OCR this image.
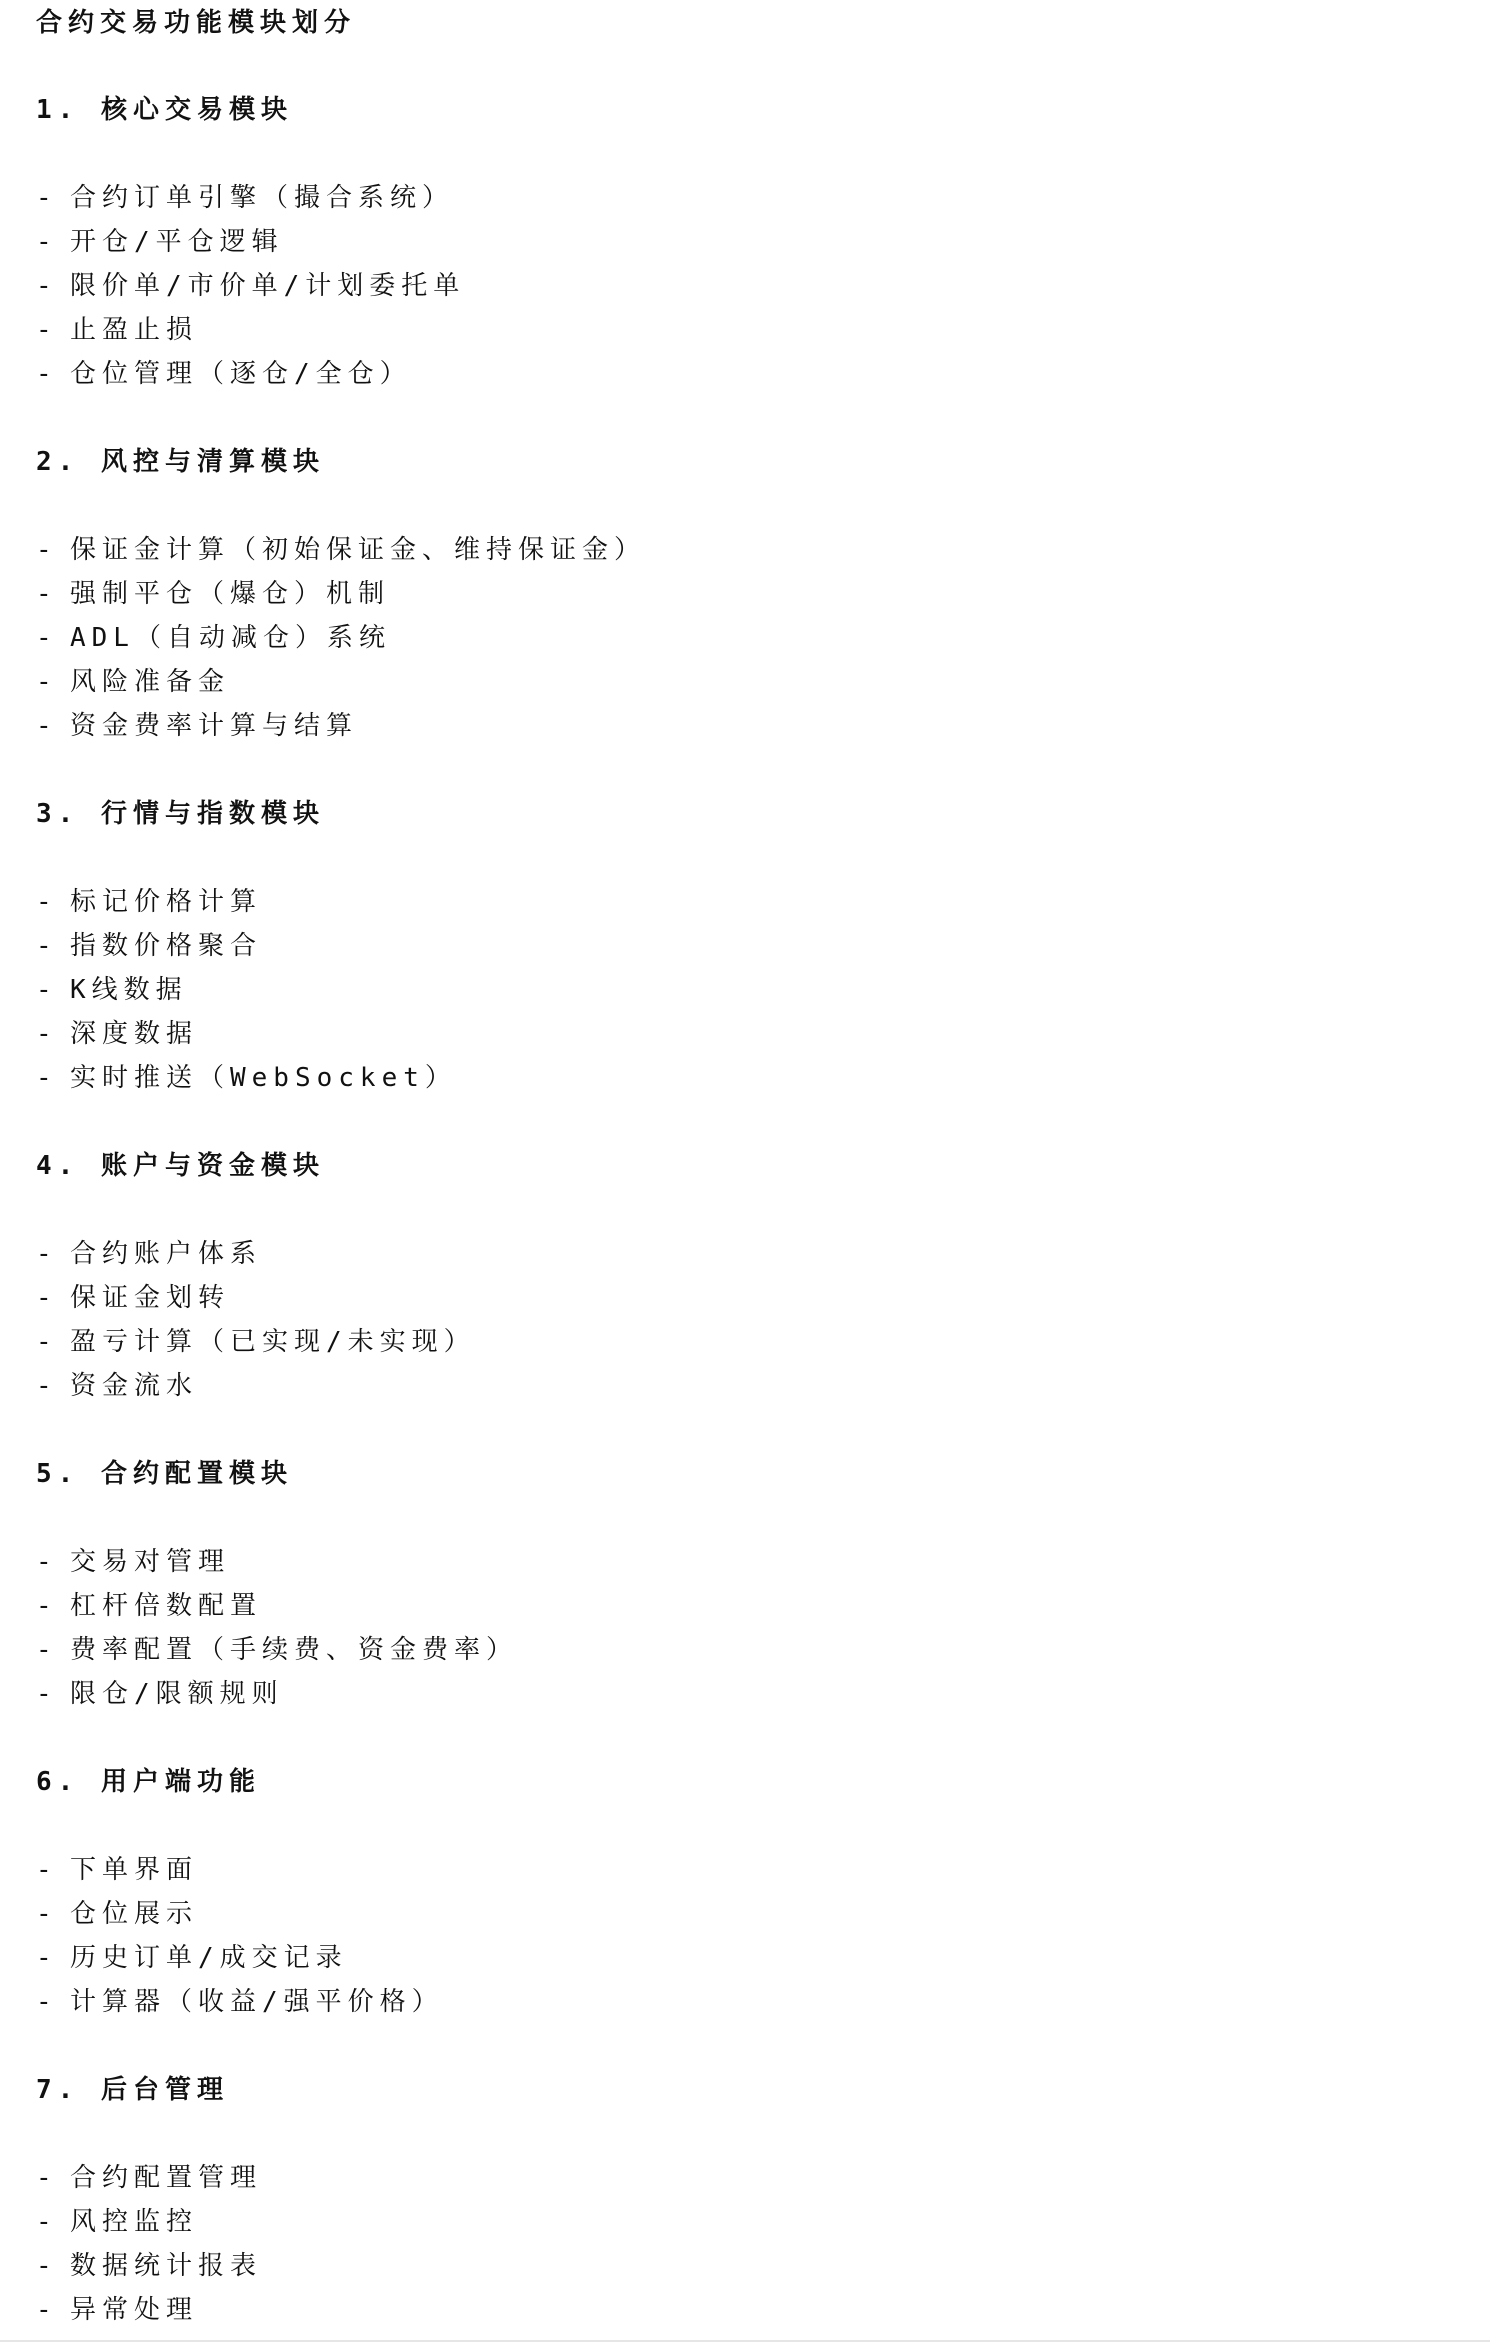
合约交易功能模块划分
1. 核心交易模块
- 合约订单引擎（撮合系统）
- 开仓/平仓逻辑
- 限价单/市价单/计划委托单
- 止盈止损
- 仓位管理（逐仓/全仓）
2. 风控与清算模块
- 保证金计算（初始保证金、维持保证金）
- 强制平仓（爆仓）机制
- ADL（自动减仓）系统
- 风险准备金
- 资金费率计算与结算
3. 行情与指数模块
- 标记价格计算
- 指数价格聚合
- K线数据
- 深度数据
- 实时推送（WebSocket）
4. 账户与资金模块
- 合约账户体系
- 保证金划转
- 盈亏计算（已实现/未实现）
- 资金流水
5. 合约配置模块
- 交易对管理
- 杠杆倍数配置
- 费率配置（手续费、资金费率）
- 限仓/限额规则
6. 用户端功能
- 下单界面
- 仓位展示
- 历史订单/成交记录
- 计算器（收益/强平价格）
7. 后台管理
- 合约配置管理
- 风控监控
- 数据统计报表
- 异常处理
